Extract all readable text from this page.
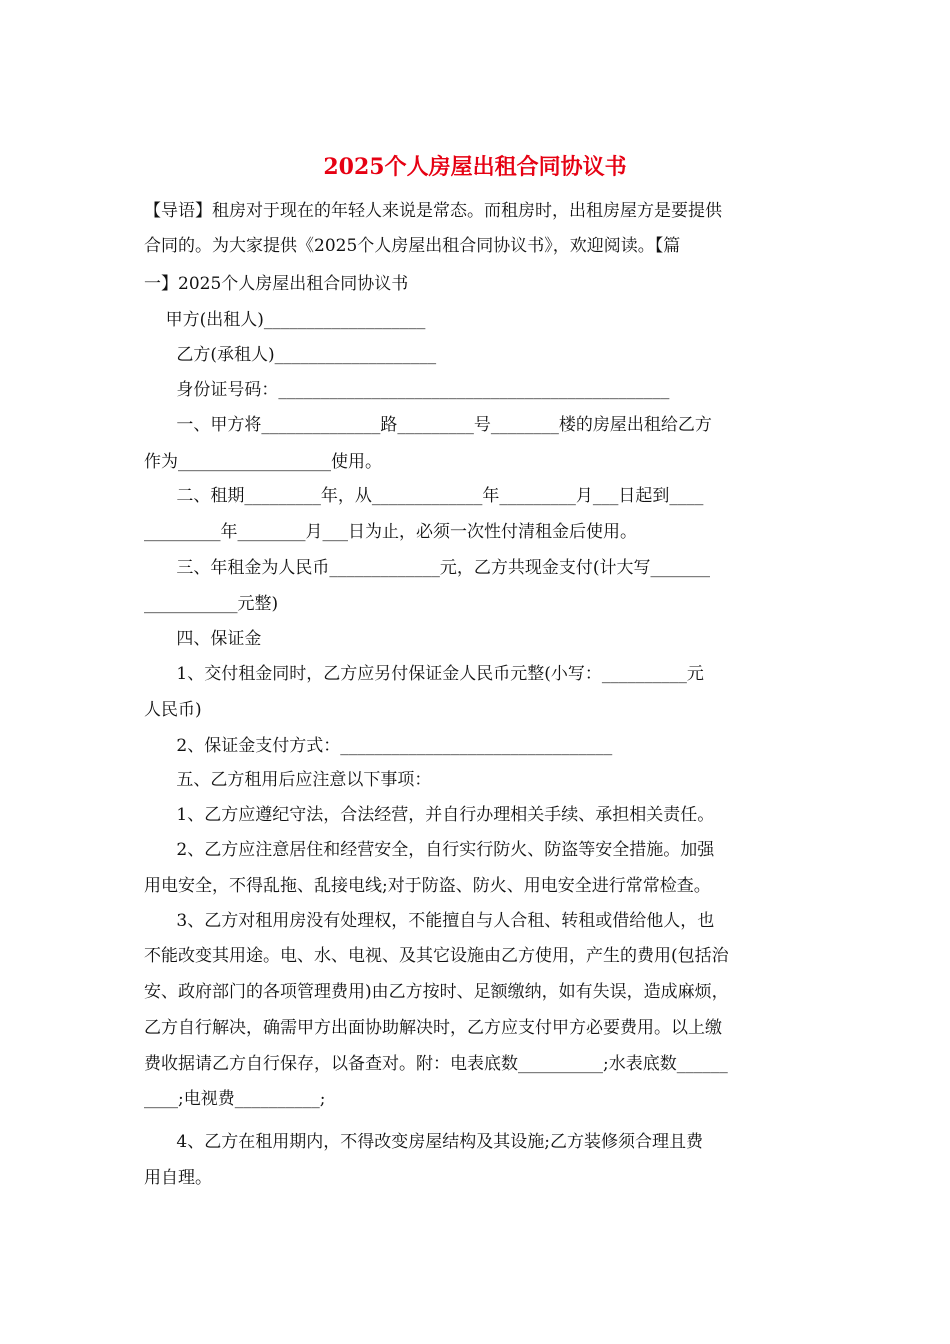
2025个人房屋出租合同协议书
【导语】租房对于现在的年轻人来说是常态。而租房时，出租房屋方是要提供
合同的。为大家提供《2025个人房屋出租合同协议书》，欢迎阅读。【篇
一】2025个人房屋出租合同协议书
甲方(出租人)___________________
乙方(承租人)___________________
身份证号码：______________________________________________
一、甲方将______________路_________号________楼的房屋出租给乙方
作为__________________使用。
二、租期_________年，从_____________年_________月___日起到____
_________年________月___日为止，必须一次性付清租金后使用。
三、年租金为人民币_____________元，乙方共现金支付(计大写_______
___________元整)
四、保证金
1、交付租金同时，乙方应另付保证金人民币元整(小写：__________元
人民币)
2、保证金支付方式：________________________________
五、乙方租用后应注意以下事项：
1、乙方应遵纪守法，合法经营，并自行办理相关手续、承担相关责任。
2、乙方应注意居住和经营安全，自行实行防火、防盗等安全措施。加强
用电安全，不得乱拖、乱接电线;对于防盗、防火、用电安全进行常常检查。
3、乙方对租用房没有处理权，不能擅自与人合租、转租或借给他人，也
不能改变其用途。电、水、电视、及其它设施由乙方使用，产生的费用(包括治
安、政府部门的各项管理费用)由乙方按时、足额缴纳，如有失误，造成麻烦，
乙方自行解决，确需甲方出面协助解决时，乙方应支付甲方必要费用。以上缴
费收据请乙方自行保存，以备查对。附：电表底数__________;水表底数______
____;电视费__________;
4、乙方在租用期内，不得改变房屋结构及其设施;乙方装修须合理且费
用自理。
